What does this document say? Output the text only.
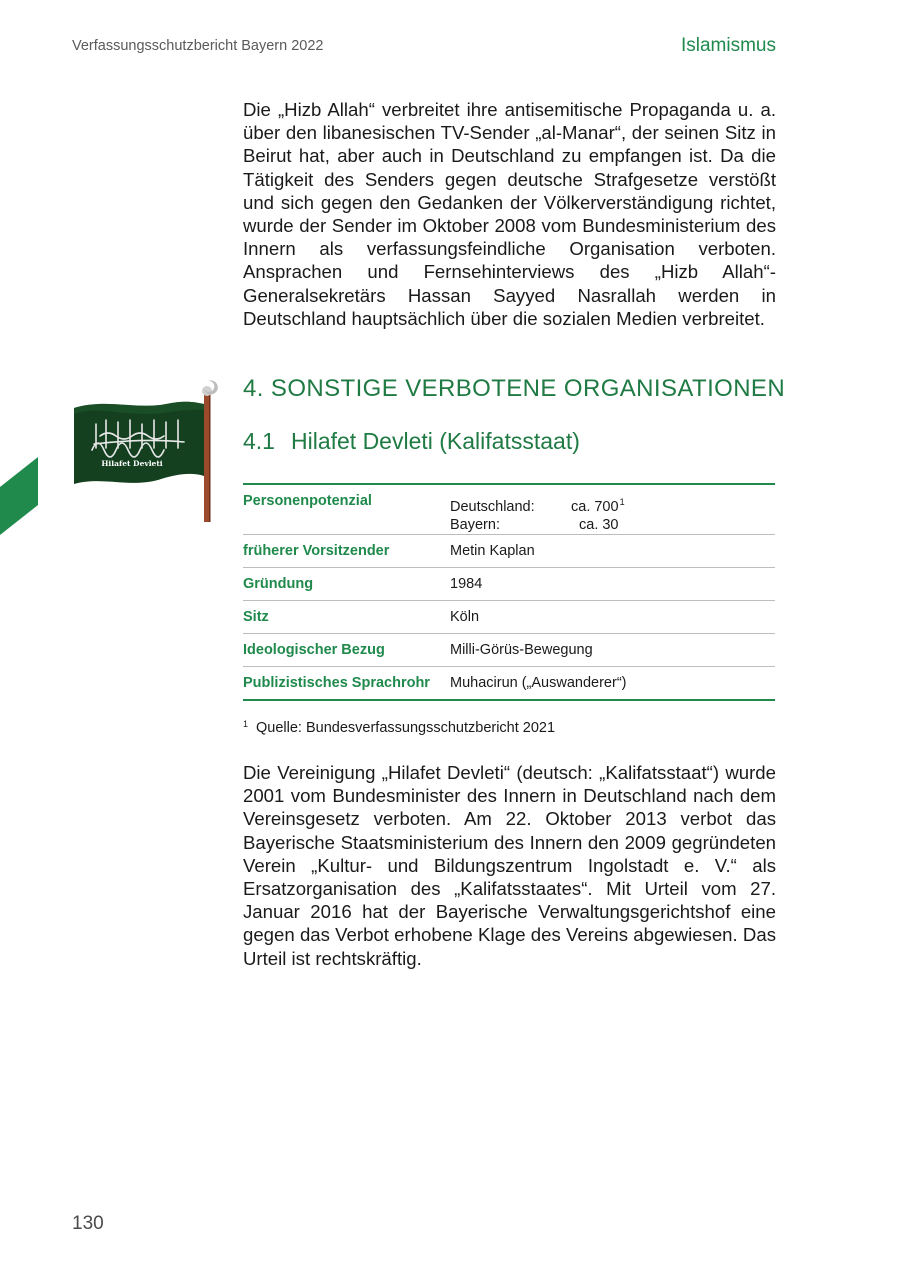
Verfassungsschutzbericht Bayern 2022	Islamismus

Die „Hizb Allah“ verbreitet ihre antisemitische Propaganda u. a. über den libanesischen TV-Sender „al-Manar“, der seinen Sitz in Beirut hat, aber auch in Deutschland zu empfangen ist. Da die Tätigkeit des Senders gegen deutsche Strafgesetze verstößt und sich gegen den Gedanken der Völkerverständigung richtet, wurde der Sender im Oktober 2008 vom Bundesministerium des Innern als verfassungsfeindliche Organisation verboten. Ansprachen und Fernsehinterviews des „Hizb Allah“-Generalsekretärs Hassan Sayyed Nasrallah werden in Deutschland hauptsächlich über die sozialen Medien verbreitet.

Hilafet Devleti
4. SONSTIGE VERBOTENE ORGANISATIONEN
4.1 Hilafet Devleti (Kalifatsstaat)
Personenpotenzial	Deutschland: ca. $700^1$
Bayern: ca. 30

früherer Vorsitzender	Metin Kaplan
Gründung	1984
Sitz	Köln
Ideologischer Bezug	Milli-Görüs-Bewegung
Publizistisches Sprachrohr	Muhacirun („Auswanderer“)
$^1$ Quelle: Bundesverfassungsschutzbericht 2021

Die Vereinigung „Hilafet Devleti“ (deutsch: „Kalifatsstaat“) wurde 2001 vom Bundesminister des Innern in Deutschland nach dem Vereinsgesetz verboten. Am 22. Oktober 2013 verbot das Bayerische Staatsministerium des Innern den 2009 gegründeten Verein „Kultur- und Bildungszentrum Ingolstadt e. V.“ als Ersatzorganisation des „Kalifatsstaates“. Mit Urteil vom 27. Januar 2016 hat der Bayerische Verwaltungsgerichtshof eine gegen das Verbot erhobene Klage des Vereins abgewiesen. Das Urteil ist rechtskräftig.

130
